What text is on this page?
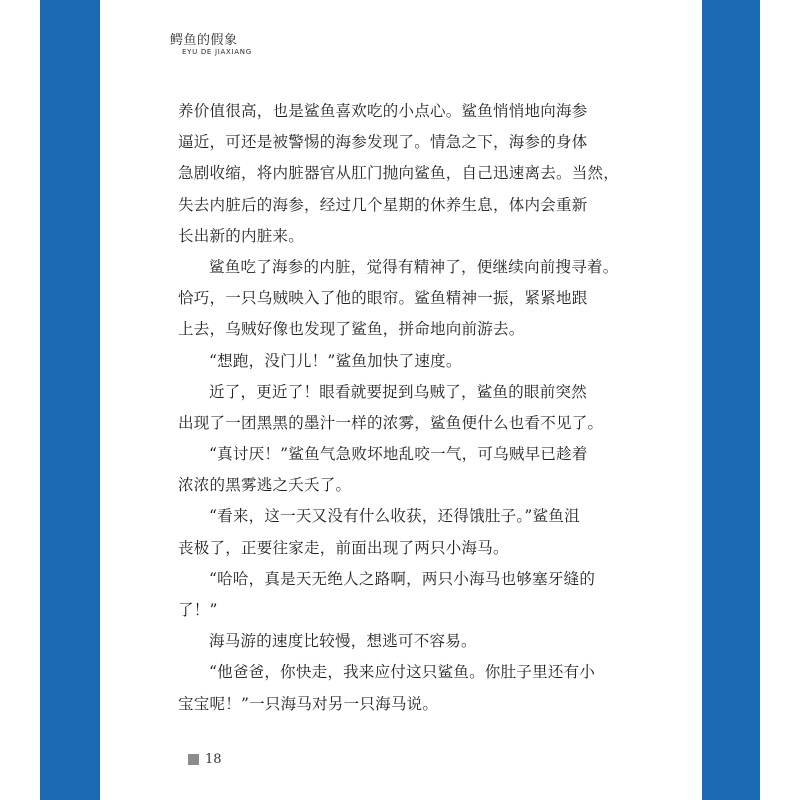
鳄鱼的假象
EYU DE JIAXIANG
养价值很高，也是鲨鱼喜欢吃的小点心。鲨鱼悄悄地向海参
逼近，可还是被警惕的海参发现了。情急之下，海参的身体
急剧收缩，将内脏器官从肛门抛向鲨鱼，自己迅速离去。当然，
失去内脏后的海参，经过几个星期的休养生息，体内会重新
长出新的内脏来。
鲨鱼吃了海参的内脏，觉得有精神了，便继续向前搜寻着。
恰巧，一只乌贼映入了他的眼帘。鲨鱼精神一振，紧紧地跟
上去，乌贼好像也发现了鲨鱼，拼命地向前游去。
“想跑，没门儿！”鲨鱼加快了速度。
近了，更近了！眼看就要捉到乌贼了，鲨鱼的眼前突然
出现了一团黑黑的墨汁一样的浓雾，鲨鱼便什么也看不见了。
“真讨厌！”鲨鱼气急败坏地乱咬一气，可乌贼早已趁着
浓浓的黑雾逃之夭夭了。
“看来，这一天又没有什么收获，还得饿肚子。”鲨鱼沮
丧极了，正要往家走，前面出现了两只小海马。
“哈哈，真是天无绝人之路啊，两只小海马也够塞牙缝的
了！”
海马游的速度比较慢，想逃可不容易。
“他爸爸，你快走，我来应付这只鲨鱼。你肚子里还有小
宝宝呢！”一只海马对另一只海马说。
18
